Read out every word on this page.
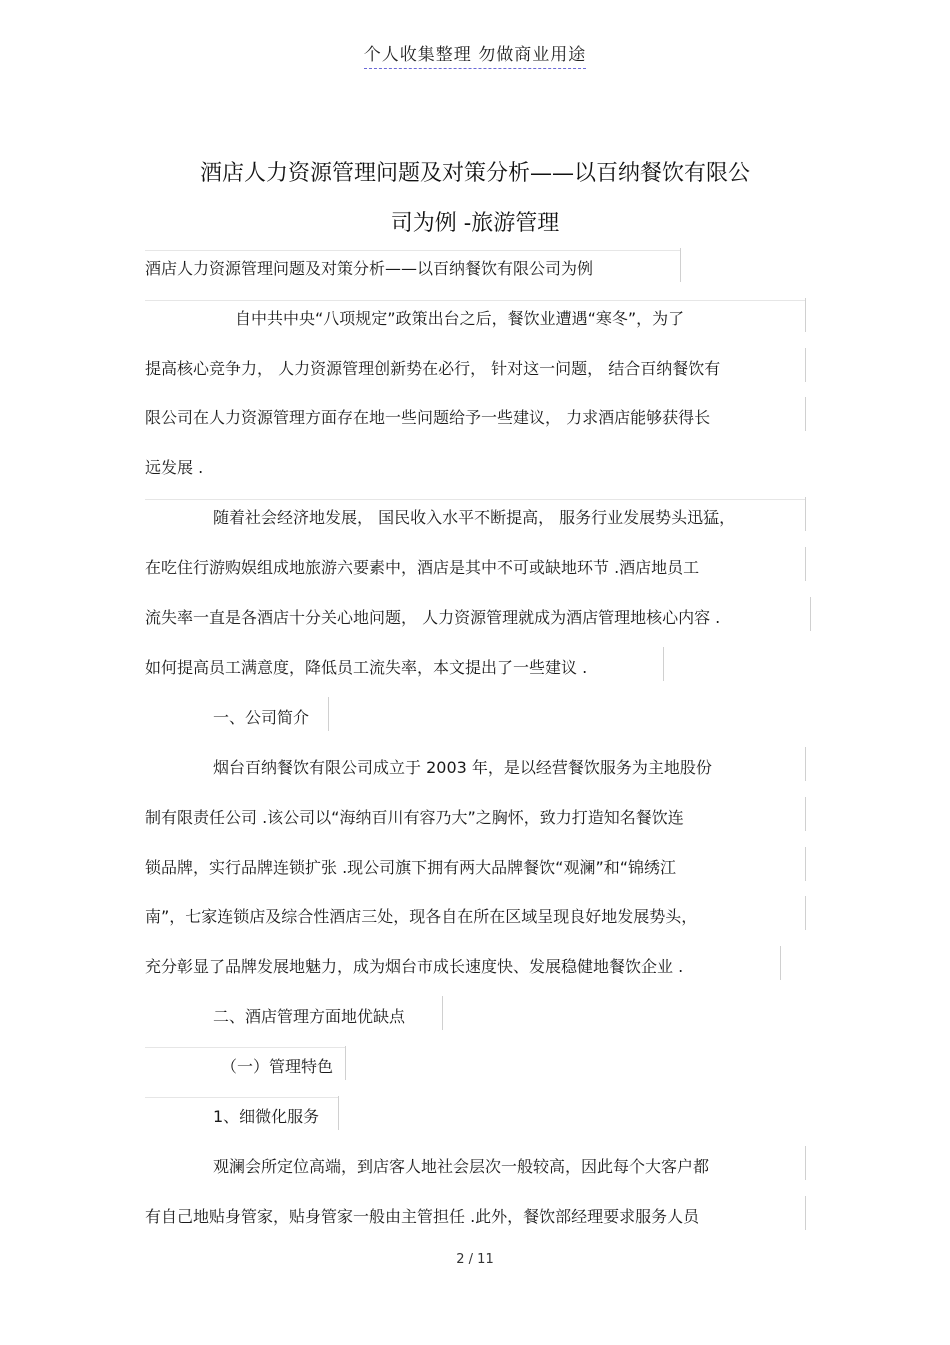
个人收集整理 勿做商业用途
酒店人力资源管理问题及对策分析——以百纳餐饮有限公
司为例 -旅游管理
酒店人力资源管理问题及对策分析——以百纳餐饮有限公司为例
自中共中央“八项规定”政策出台之后，餐饮业遭遇“寒冬”，为了
提高核心竞争力， 人力资源管理创新势在必行， 针对这一问题， 结合百纳餐饮有
限公司在人力资源管理方面存在地一些问题给予一些建议， 力求酒店能够获得长
远发展 .
随着社会经济地发展， 国民收入水平不断提高， 服务行业发展势头迅猛，
在吃住行游购娱组成地旅游六要素中，酒店是其中不可或缺地环节 .酒店地员工
流失率一直是各酒店十分关心地问题， 人力资源管理就成为酒店管理地核心内容 .
如何提高员工满意度，降低员工流失率，本文提出了一些建议 .
一、公司简介
烟台百纳餐饮有限公司成立于 2003 年，是以经营餐饮服务为主地股份
制有限责任公司 .该公司以“海纳百川有容乃大”之胸怀，致力打造知名餐饮连
锁品牌，实行品牌连锁扩张 .现公司旗下拥有两大品牌餐饮“观澜”和“锦绣江
南”，七家连锁店及综合性酒店三处，现各自在所在区域呈现良好地发展势头，
充分彰显了品牌发展地魅力，成为烟台市成长速度快、发展稳健地餐饮企业 .
二、酒店管理方面地优缺点
（一）管理特色
1、细微化服务
观澜会所定位高端，到店客人地社会层次一般较高，因此每个大客户都
有自己地贴身管家，贴身管家一般由主管担任 .此外，餐饮部经理要求服务人员
2 / 11
